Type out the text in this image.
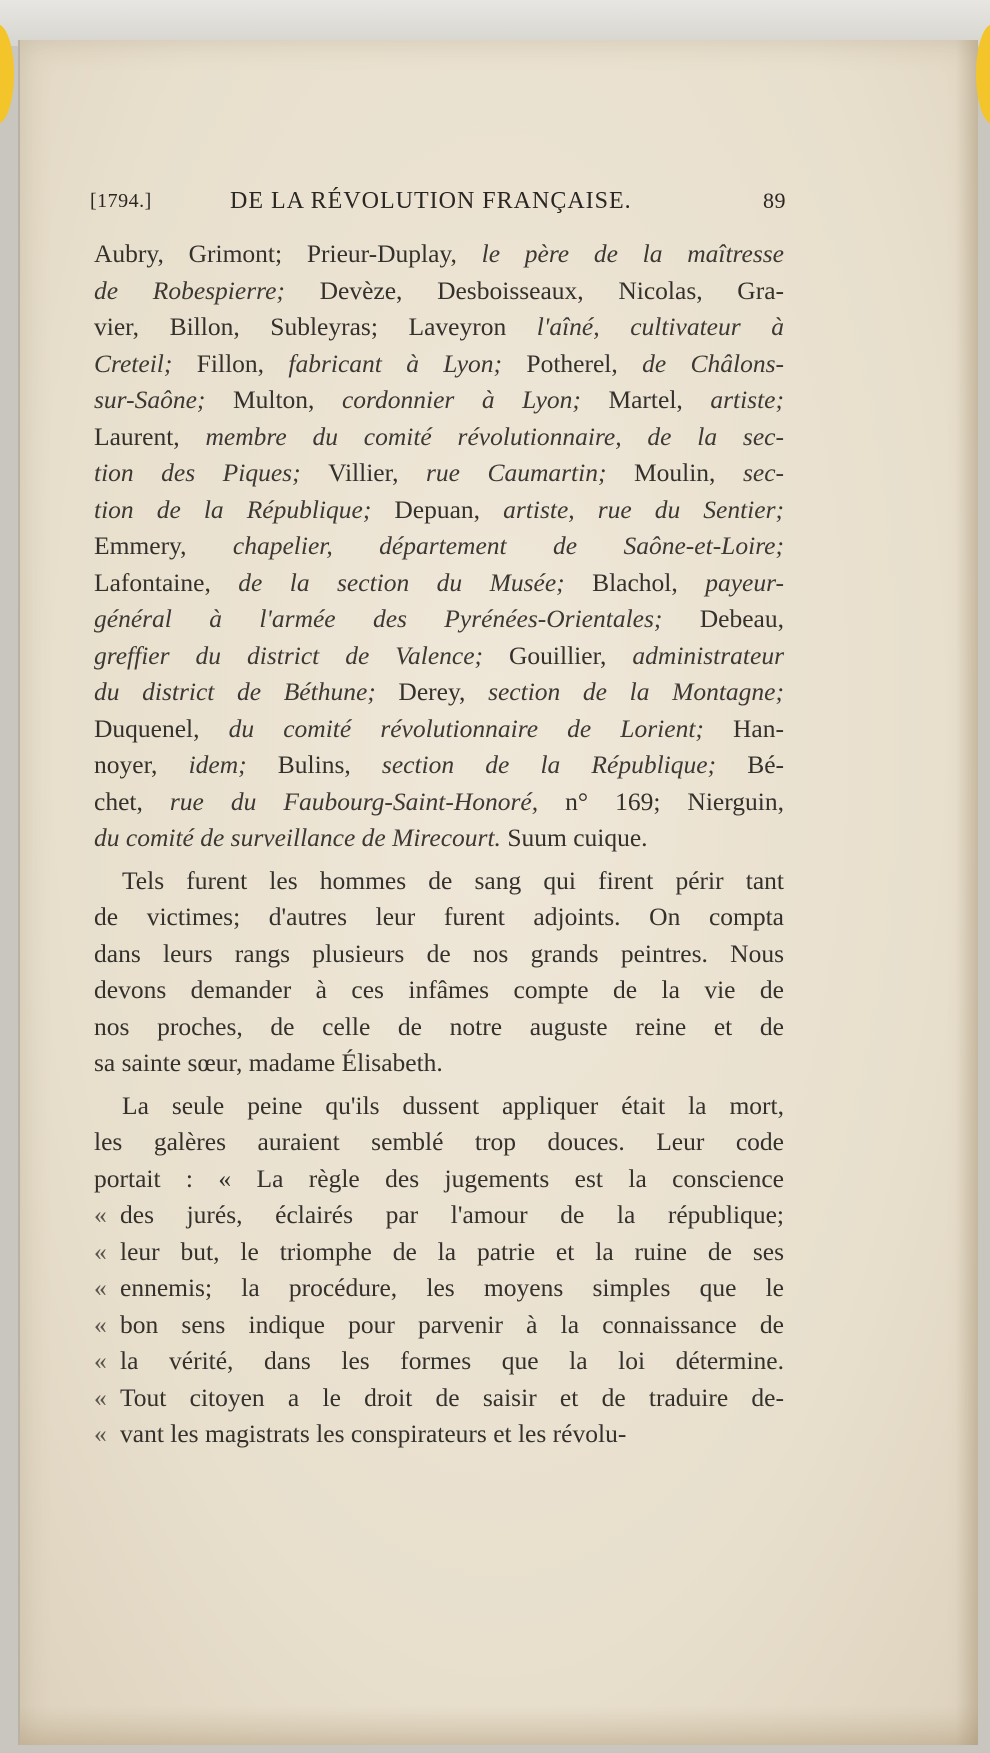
[1794.]	DE LA RÉVOLUTION FRANÇAISE.	89
Aubry, Grimont; Prieur-Duplay, le père de la maîtresse
de Robespierre; Devèze, Desboisseaux, Nicolas, Gra-
vier, Billon, Subleyras; Laveyron l'aîné, cultivateur à
Creteil; Fillon, fabricant à Lyon; Potherel, de Châlons-
sur-Saône; Multon, cordonnier à Lyon; Martel, artiste;
Laurent, membre du comité révolutionnaire, de la sec-
tion des Piques; Villier, rue Caumartin; Moulin, sec-
tion de la République; Depuan, artiste, rue du Sentier;
Emmery, chapelier, département de Saône-et-Loire;
Lafontaine, de la section du Musée; Blachol, payeur-
général à l'armée des Pyrénées-Orientales; Debeau,
greffier du district de Valence; Gouillier, administrateur
du district de Béthune; Derey, section de la Montagne;
Duquenel, du comité révolutionnaire de Lorient; Han-
noyer, idem; Bulins, section de la République; Bé-
chet, rue du Faubourg-Saint-Honoré, n° 169; Nierguin,
du comité de surveillance de Mirecourt. Suum cuique.
Tels furent les hommes de sang qui firent périr tant
de victimes; d'autres leur furent adjoints. On compta
dans leurs rangs plusieurs de nos grands peintres. Nous
devons demander à ces infâmes compte de la vie de
nos proches, de celle de notre auguste reine et de
sa sainte sœur, madame Élisabeth.
La seule peine qu'ils dussent appliquer était la mort,
les galères auraient semblé trop douces. Leur code
portait : « La règle des jugements est la conscience
« des jurés, éclairés par l'amour de la république;
« leur but, le triomphe de la patrie et la ruine de ses
« ennemis; la procédure, les moyens simples que le
« bon sens indique pour parvenir à la connaissance de
« la vérité, dans les formes que la loi détermine.
« Tout citoyen a le droit de saisir et de traduire de-
« vant les magistrats les conspirateurs et les révolu-
